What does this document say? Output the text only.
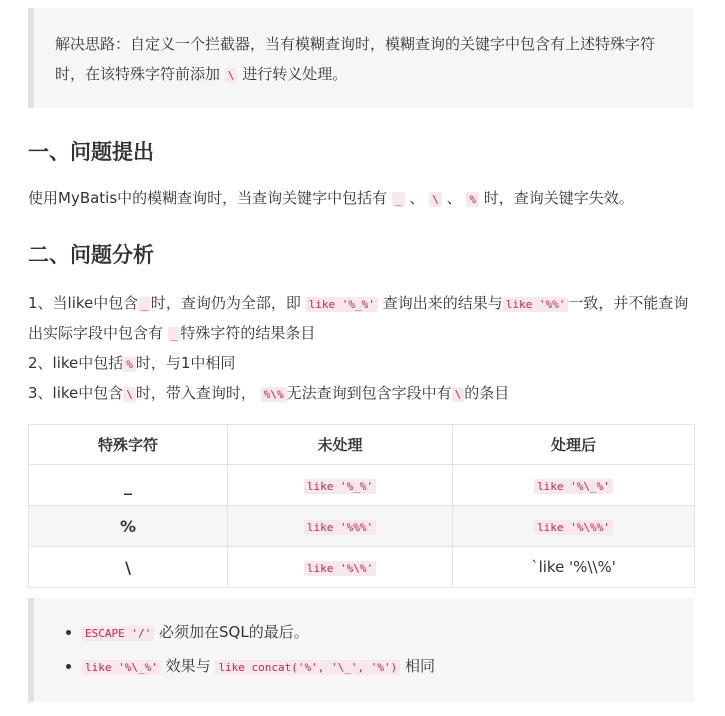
解决思路：自定义一个拦截器，当有模糊查询时，模糊查询的关键字中包含有上述特殊字符时，在该特殊字符前添加 \ 进行转义处理。
一、问题提出
使用MyBatis中的模糊查询时，当查询关键字中包括有 _ 、 \ 、 % 时，查询关键字失效。
二、问题分析
1、当like中包含 _ 时，查询仍为全部，即 like '%_%' 查询出来的结果与 like '%%' 一致，并不能查询出实际字段中包含有 _ 特殊字符的结果条目
2、like中包括 % 时，与1中相同
3、like中包含 \ 时，带入查询时， %\% 无法查询到包含字段中有 \ 的条目
特殊字符	未处理	处理后
_	like '%_%'	like '%\_%'
%	like '%%%'	like '%\%%'
\	like '%\%'	`like '%\\%'
• ESCAPE '/' 必须加在SQL的最后。
• like '%\_%' 效果与 like concat('%', '\_', '%') 相同
